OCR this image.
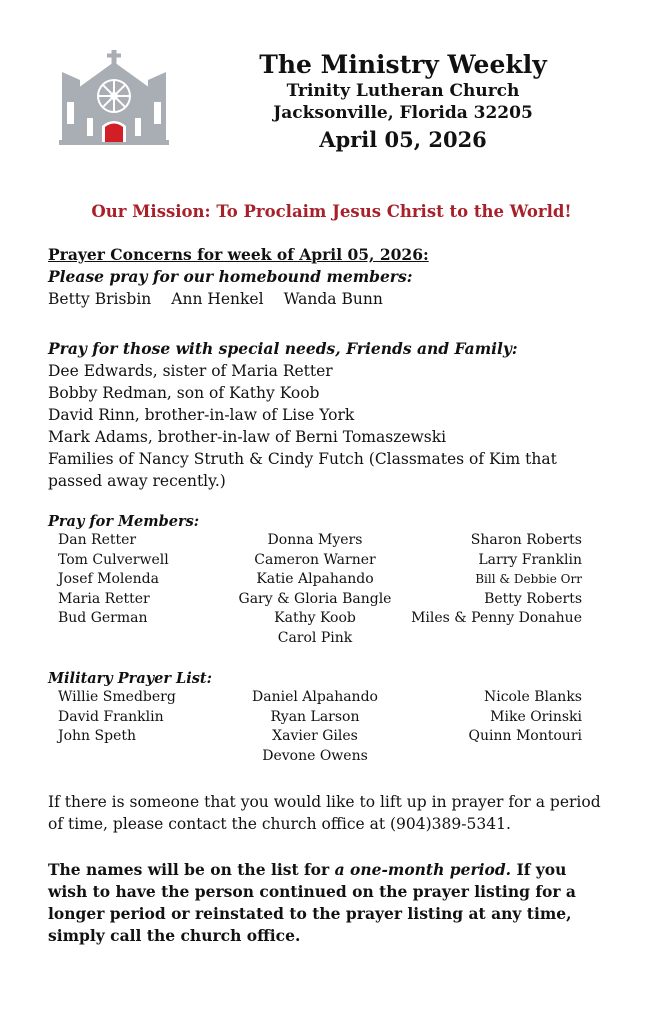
The Ministry Weekly
Trinity Lutheran Church
Jacksonville, Florida 32205
April 05, 2026
Our Mission: To Proclaim Jesus Christ to the World!
Prayer Concerns for week of April 05, 2026:
Please pray for our homebound members:
Betty Brisbin Ann Henkel Wanda Bunn
Pray for those with special needs, Friends and Family:
Dee Edwards, sister of Maria Retter
Bobby Redman, son of Kathy Koob
David Rinn, brother-in-law of Lise York
Mark Adams, brother-in-law of Berni Tomaszewski
Families of Nancy Struth & Cindy Futch (Classmates of Kim that passed away recently.)
Pray for Members:
Dan Retter
Tom Culverwell
Josef Molenda
Maria Retter
Bud German
Donna Myers
Cameron Warner
Katie Alpahando
Gary & Gloria Bangle
Kathy Koob
Carol Pink
Sharon Roberts
Larry Franklin
Bill & Debbie Orr
Betty Roberts
Miles & Penny Donahue
Military Prayer List:
Willie Smedberg
David Franklin
John Speth
Daniel Alpahando
Ryan Larson
Xavier Giles
Devone Owens
Nicole Blanks
Mike Orinski
Quinn Montouri
If there is someone that you would like to lift up in prayer for a period of time, please contact the church office at (904)389-5341.
The names will be on the list for a one-month period. If you wish to have the person continued on the prayer listing for a longer period or reinstated to the prayer listing at any time, simply call the church office.
